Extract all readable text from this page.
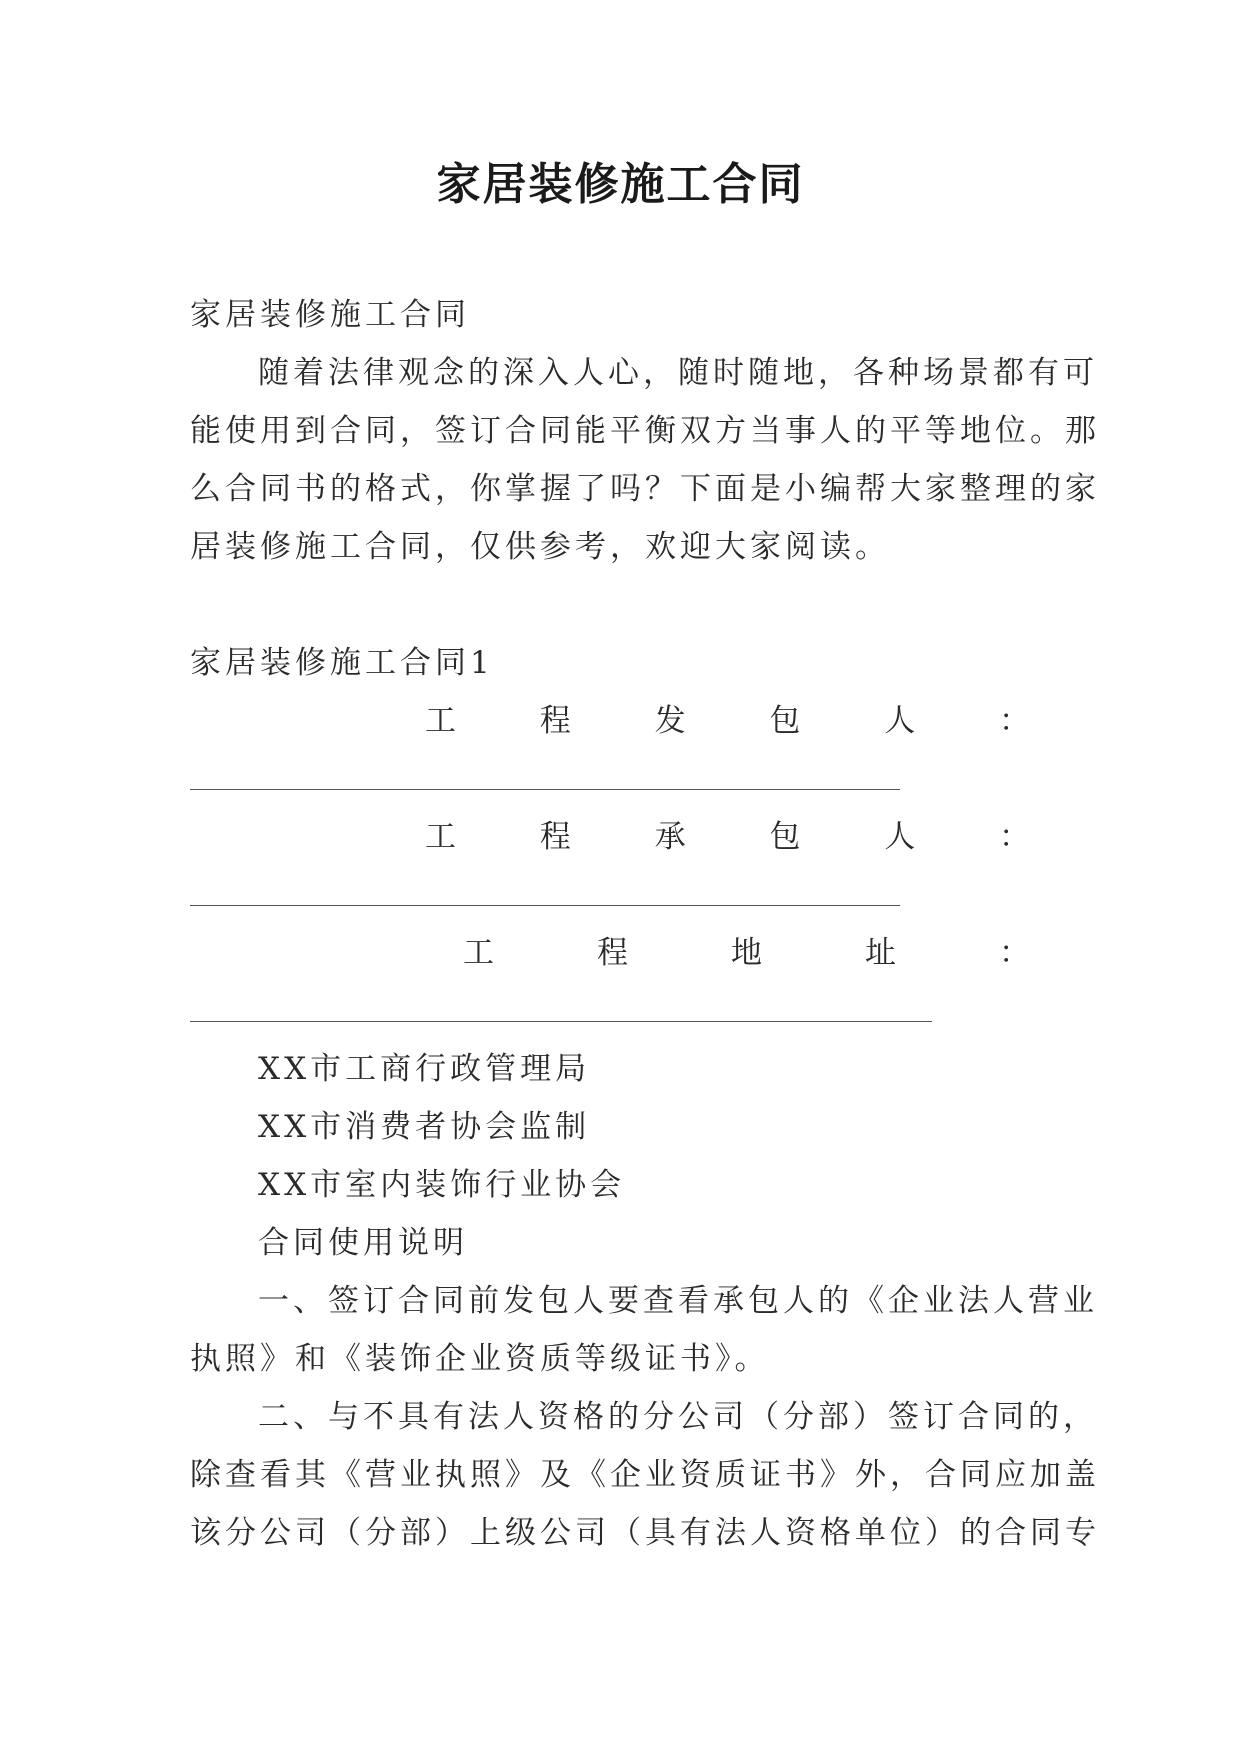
家居装修施工合同
家居装修施工合同
随着法律观念的深入人心，随时随地，各种场景都有可
能使用到合同，签订合同能平衡双方当事人的平等地位。那
么合同书的格式，你掌握了吗？下面是小编帮大家整理的家
居装修施工合同，仅供参考，欢迎大家阅读。
家居装修施工合同1
工	程	发	包	人	：
工	程	承	包	人	：
工	程	地	址	：
XX市工商行政管理局
XX市消费者协会监制
XX市室内装饰行业协会
合同使用说明
一、签订合同前发包人要查看承包人的《企业法人营业
执照》和《装饰企业资质等级证书》。
二、与不具有法人资格的分公司（分部）签订合同的，
除查看其《营业执照》及《企业资质证书》外，合同应加盖
该分公司（分部）上级公司（具有法人资格单位）的合同专
